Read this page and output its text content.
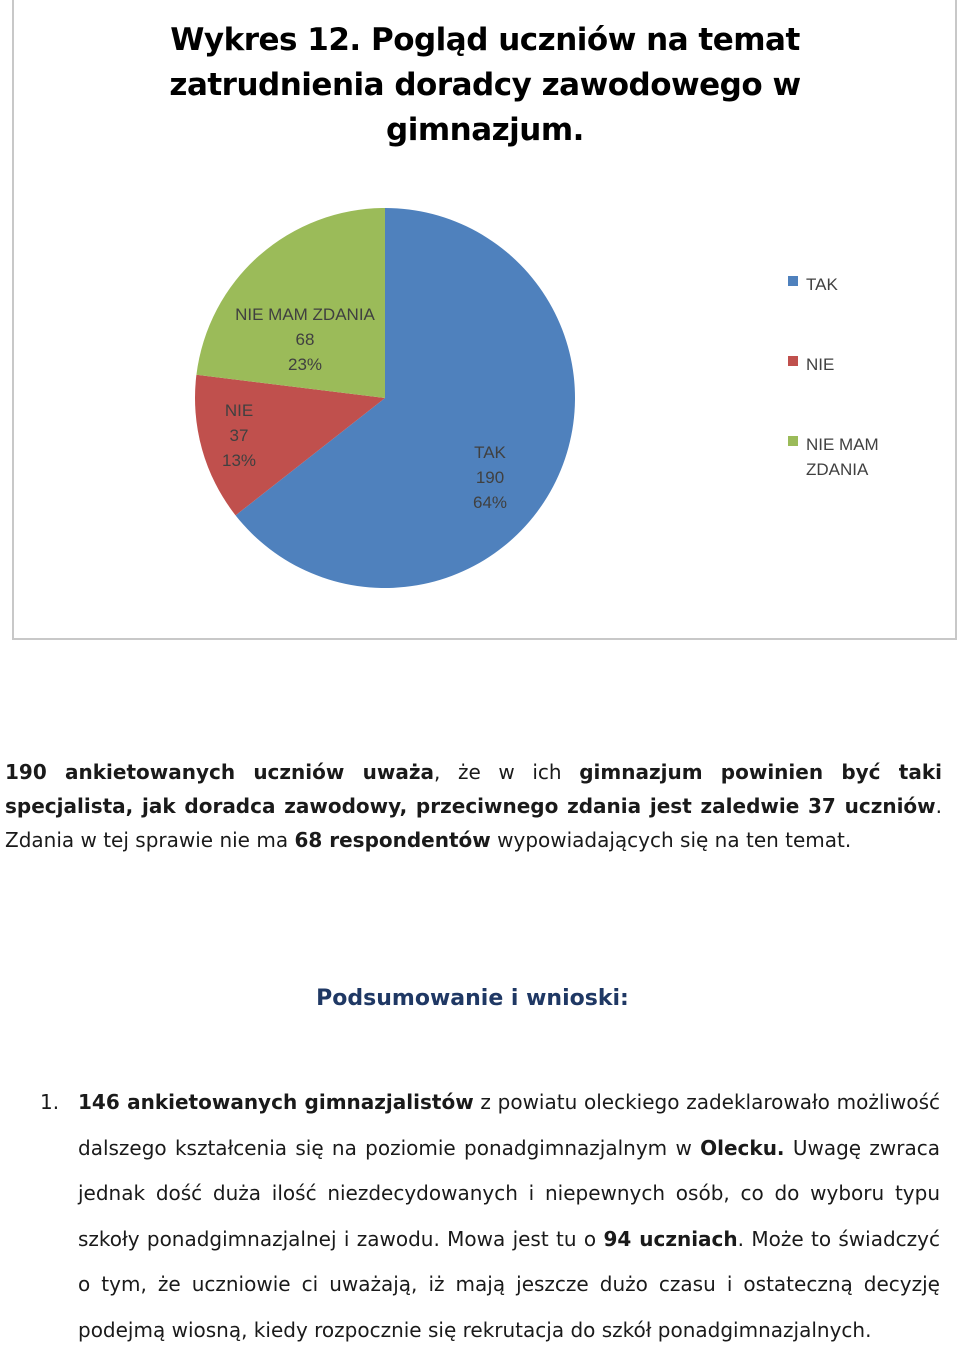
Wykres 12. Pogląd uczniów na temat zatrudnienia doradcy zawodowego w gimnazjum.
TAK 190 64%
NIE 37 13%
NIE MAM ZDANIA 68 23%
TAK
NIE
NIE MAM ZDANIA

190 ankietowanych uczniów uważa, że w ich gimnazjum powinien być taki specjalista, jak doradca zawodowy, przeciwnego zdania jest zaledwie 37 uczniów. Zdania w tej sprawie nie ma 68 respondentów wypowiadających się na ten temat.

Podsumowanie i wnioski:
1. 146 ankietowanych gimnazjalistów z powiatu oleckiego zadeklarowało możliwość dalszego kształcenia się na poziomie ponadgimnazjalnym w Olecku. Uwagę zwraca jednak dość duża ilość niezdecydowanych i niepewnych osób, co do wyboru typu szkoły ponadgimnazjalnej i zawodu. Mowa jest tu o 94 uczniach. Może to świadczyć o tym, że uczniowie ci uważają, iż mają jeszcze dużo czasu i ostateczną decyzję podejmą wiosną, kiedy rozpocznie się rekrutacja do szkół ponadgimnazjalnych.
